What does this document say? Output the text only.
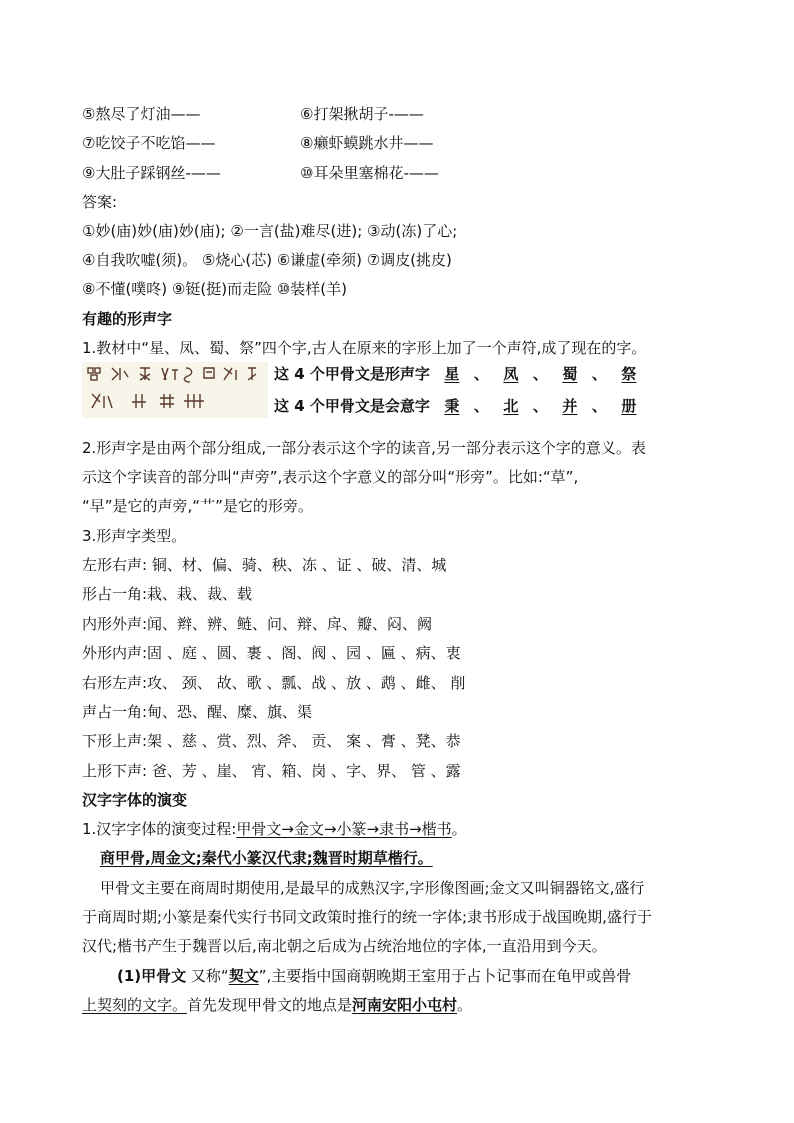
⑤熬尽了灯油——	⑥打架揪胡子-——
⑦吃饺子不吃馅——	⑧癞虾蟆跳水井——
⑨大肚子踩钢丝-——	⑩耳朵里塞棉花-——
答案:
①妙(庙)妙(庙)妙(庙); ②一言(盐)难尽(进); ③动(冻)了心;
④自我吹嘘(须)。 ⑤烧心(芯) ⑥谦虚(牵须) ⑦调皮(挑皮)
⑧不懂(噗咚) ⑨铤(挺)而走险 ⑩装样(羊)
有趣的形声字
1.教材中“星、凤、蜀、祭”四个字,古人在原来的字形上加了一个声符,成了现在的字。
这 4 个甲骨文是形声字 星 、 凤 、 蜀 、 祭
这 4 个甲骨文是会意字 秉 、 北 、 并 、 册
2.形声字是由两个部分组成,一部分表示这个字的读音,另一部分表示这个字的意义。表
示这个字读音的部分叫“声旁”,表示这个字意义的部分叫“形旁”。比如:“草”,
“早”是它的声旁,“艹”是它的形旁。
3.形声字类型。
左形右声: 铜、材、偏、骑、秧、冻 、证 、破、清、城
形占一角:栽、栽、裁、载
内形外声:闻、辫、辨、鲢、问、辩、戽、瓣、闷、阙
外形内声:固 、庭 、圆、裹 、阁、阀 、园 、匾 、病、衷
右形左声:攻、 颈、 故、歌 、瓢、战 、放 、鹉 、雌、 削
声占一角:甸、恐、醒、糜、旗、渠
下形上声:架 、慈 、赏、烈、斧、 贡、 案 、膏 、凳、恭
上形下声: 爸、芳 、崖、 宵、箱、岗 、字、界、 管 、露
汉字字体的演变
1.汉字字体的演变过程:甲骨文→金文→小篆→隶书→楷书。
商甲骨,周金文;秦代小篆汉代隶;魏晋时期草楷行。
甲骨文主要在商周时期使用,是最早的成熟汉字,字形像图画;金文又叫铜器铭文,盛行
于商周时期;小篆是秦代实行书同文政策时推行的统一字体;隶书形成于战国晚期,盛行于
汉代;楷书产生于魏晋以后,南北朝之后成为占统治地位的字体,一直沿用到今天。
(1)甲骨文 又称“契文”,主要指中国商朝晚期王室用于占卜记事而在龟甲或兽骨
上契刻的文字。首先发现甲骨文的地点是河南安阳小屯村。
